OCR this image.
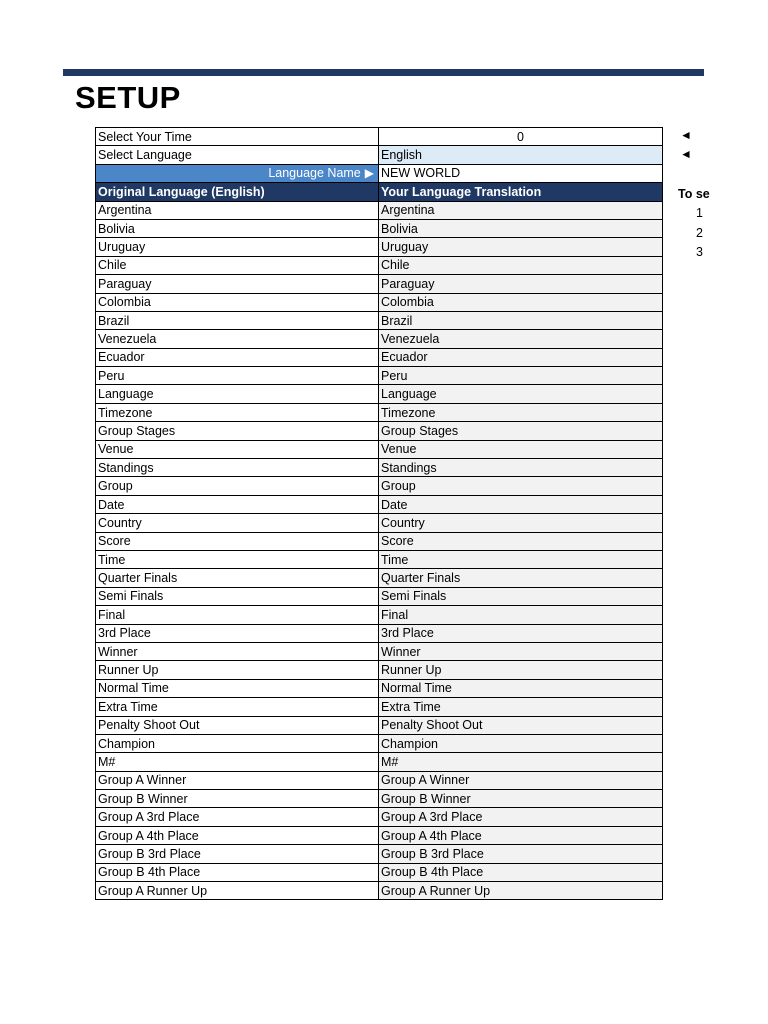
SETUP
Select Your Time	0
Select Language	English
Language Name ▶	NEW WORLD
Original Language (English)	Your Language Translation
Argentina	Argentina
Bolivia	Bolivia
Uruguay	Uruguay
Chile	Chile
Paraguay	Paraguay
Colombia	Colombia
Brazil	Brazil
Venezuela	Venezuela
Ecuador	Ecuador
Peru	Peru
Language	Language
Timezone	Timezone
Group Stages	Group Stages
Venue	Venue
Standings	Standings
Group	Group
Date	Date
Country	Country
Score	Score
Time	Time
Quarter Finals	Quarter Finals
Semi Finals	Semi Finals
Final	Final
3rd Place	3rd Place
Winner	Winner
Runner Up	Runner Up
Normal Time	Normal Time
Extra Time	Extra Time
Penalty Shoot Out	Penalty Shoot Out
Champion	Champion
M#	M#
Group A Winner	Group A Winner
Group B Winner	Group B Winner
Group A 3rd Place	Group A 3rd Place
Group A 4th Place	Group A 4th Place
Group B 3rd Place	Group B 3rd Place
Group B 4th Place	Group B 4th Place
Group A Runner Up	Group A Runner Up
◄
◄
To se
1
2
3
